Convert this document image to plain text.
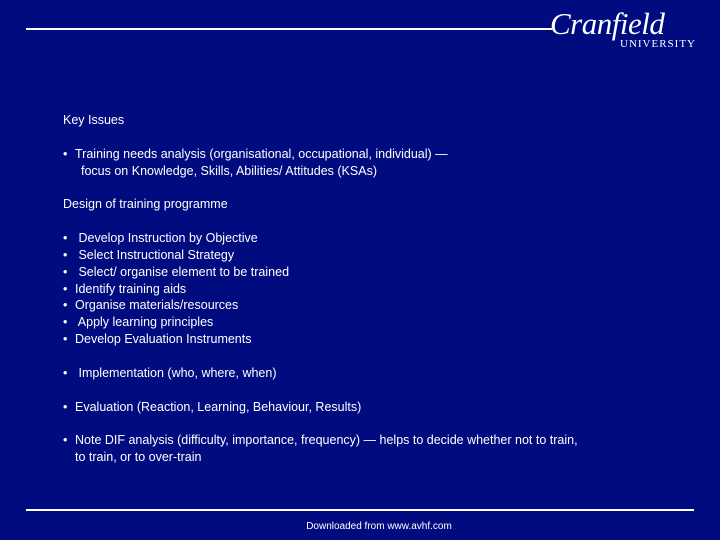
Cranfield
UNIVERSITY
Key Issues
• Training needs analysis (organisational, occupational, individual) —
focus on Knowledge, Skills, Abilities/ Attitudes (KSAs)
Design of training programme
• Develop Instruction by Objective
• Select Instructional Strategy
• Select/ organise element to be trained
• Identify training aids
• Organise materials/resources
• Apply learning principles
• Develop Evaluation Instruments
• Implementation (who, where, when)
• Evaluation (Reaction, Learning, Behaviour, Results)
• Note DIF analysis (difficulty, importance, frequency) — helps to decide whether not to train,
to train, or to over-train
Downloaded from www.avhf.com
